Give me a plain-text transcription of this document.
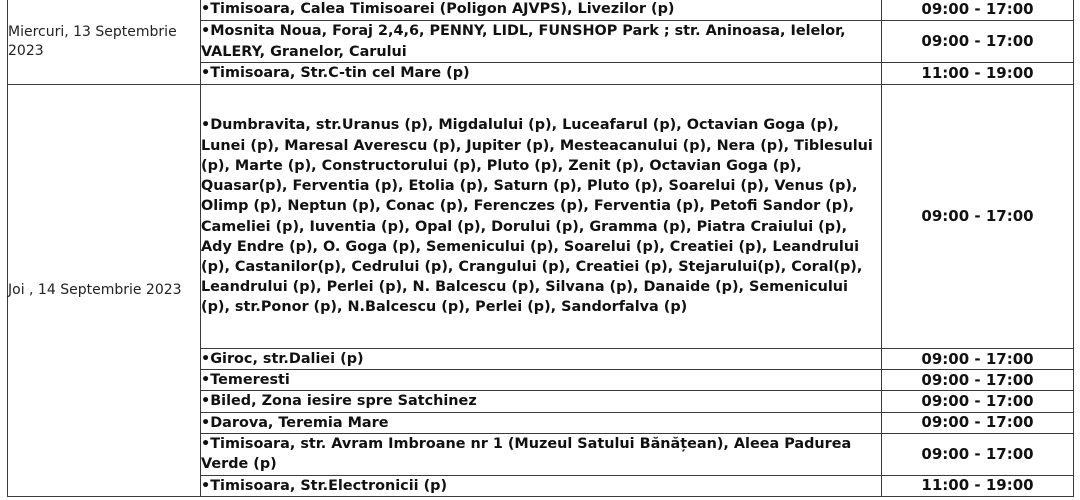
Miercuri, 13 Septembrie 2023	•Timisoara, Calea Timisoarei (Poligon AJVPS), Livezilor (p)	09:00 - 17:00
	•Mosnita Noua, Foraj 2,4,6, PENNY, LIDL, FUNSHOP Park ; str. Aninoasa, Ielelor, VALERY, Granelor, Carului	09:00 - 17:00
	•Timisoara, Str.C-tin cel Mare (p)	11:00 - 19:00

Joi , 14 Septembrie 2023	•Dumbravita, str.Uranus (p), Migdalului (p), Luceafarul (p), Octavian Goga (p), Lunei (p), Maresal Averescu (p), Jupiter (p), Mesteacanului (p), Nera (p), Tiblesului (p), Marte (p), Constructorului (p), Pluto (p), Zenit (p), Octavian Goga (p), Quasar(p), Ferventia (p), Etolia (p), Saturn (p), Pluto (p), Soarelui (p), Venus (p), Olimp (p), Neptun (p), Conac (p), Ferenczes (p), Ferventia (p), Petofi Sandor (p), Cameliei (p), Iuventia (p), Opal (p), Dorului (p), Gramma (p), Piatra Craiului (p), Ady Endre (p), O. Goga (p), Semenicului (p), Soarelui (p), Creatiei (p), Leandrului (p), Castanilor(p), Cedrului (p), Crangului (p), Creatiei (p), Stejarului(p), Coral(p), Leandrului (p), Perlei (p), N. Balcescu (p), Silvana (p), Danaide (p), Semenicului (p), str.Ponor (p), N.Balcescu (p), Perlei (p), Sandorfalva (p)	09:00 - 17:00
	•Giroc, str.Daliei (p)	09:00 - 17:00
	•Temeresti	09:00 - 17:00
	•Biled, Zona iesire spre Satchinez	09:00 - 17:00
	•Darova, Teremia Mare	09:00 - 17:00
	•Timisoara, str. Avram Imbroane nr 1 (Muzeul Satului Bănățean), Aleea Padurea Verde (p)	09:00 - 17:00
	•Timisoara, Str.Electronicii (p)	11:00 - 19:00
